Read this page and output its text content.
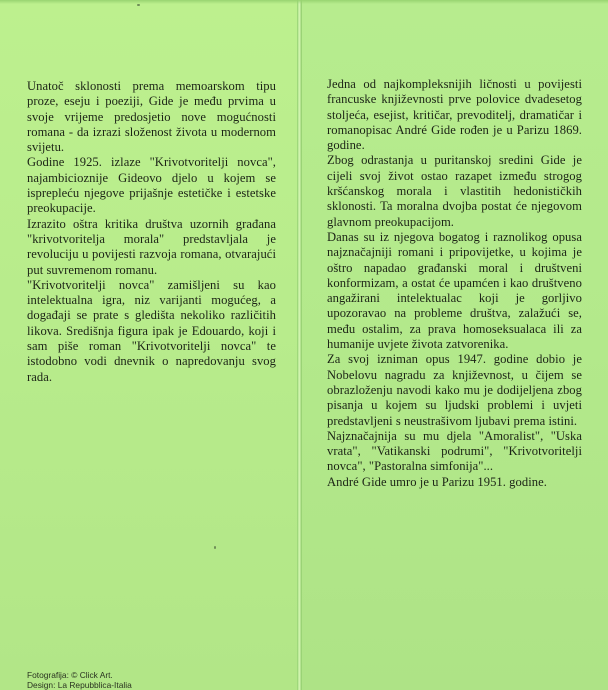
Unatoč sklonosti prema memoarskom tipu proze, eseju i poeziji, Gide je među prvima u svoje vrijeme predosjetio nove mogućnosti romana - da izrazi složenost života u modernom svijetu.

Godine 1925. izlaze "Krivotvoritelji novca", najambicioznije Gideovo djelo u kojem se isprepleću njegove prijašnje estetičke i estetske preokupacije.

Izrazito oštra kritika društva uzornih građana "krivotvoritelja morala" predstavljala je revoluciju u povijesti razvoja romana, otvarajući put suvremenom romanu.

"Krivotvoritelji novca" zamišljeni su kao intelektualna igra, niz varijanti mogućeg, a događaji se prate s gledišta nekoliko različitih likova. Središnja figura ipak je Edouardo, koji i sam piše roman "Krivotvoritelji novca" te istodobno vodi dnevnik o napredovanju svog rada.

Jedna od najkompleksnijih ličnosti u povijesti francuske književnosti prve polovice dvadesetog stoljeća, esejist, kritičar, prevoditelj, dramatičar i romanopisac André Gide rođen je u Parizu 1869. godine.

Zbog odrastanja u puritanskoj sredini Gide je cijeli svoj život ostao razapet između strogog kršćanskog morala i vlastitih hedonističkih sklonosti. Ta moralna dvojba postat će njegovom glavnom preokupacijom.

Danas su iz njegova bogatog i raznolikog opusa najznačajniji romani i pripovijetke, u kojima je oštro napadao građanski moral i društveni konformizam, a ostat će upamćen i kao društveno angažirani intelektualac koji je gorljivo upozoravao na probleme društva, zalažući se, među ostalim, za prava homoseksualaca ili za humanije uvjete života zatvorenika.

Za svoj izniman opus 1947. godine dobio je Nobelovu nagradu za književnost, u čijem se obrazloženju navodi kako mu je dodijeljena zbog pisanja u kojem su ljudski problemi i uvjeti predstavljeni s neustrašivom ljubavi prema istini.

Najznačajnija su mu djela "Amoralist", "Uska vrata", "Vatikanski podrumi", "Krivotvoritelji novca", "Pastoralna simfonija"...

André Gide umro je u Parizu 1951. godine.

Fotografija: © Click Art.
Design: La Repubblica-Italia
